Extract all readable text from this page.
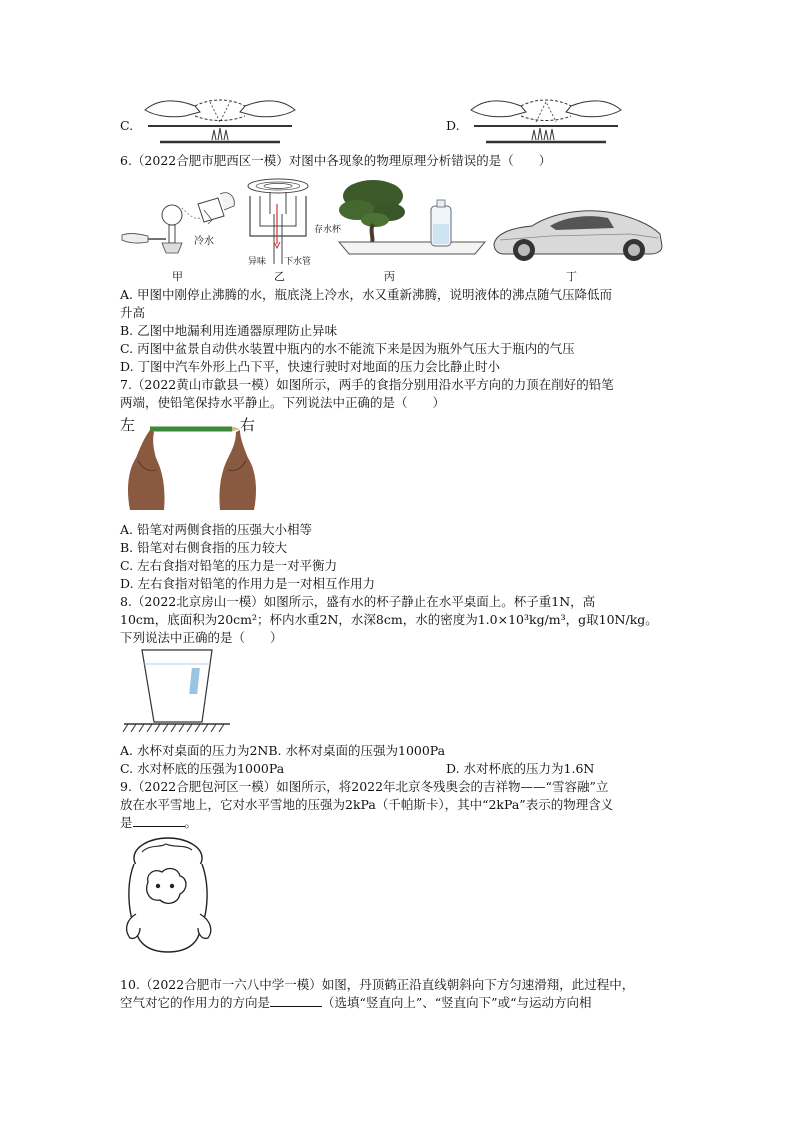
C.	D.
6.（2022合肥市肥西区一模）对图中各现象的物理原理分析错误的是（　　）
冷水
甲
存水杯
异味 下水管
乙	丙	丁
A. 甲图中刚停止沸腾的水，瓶底浇上冷水，水又重新沸腾，说明液体的沸点随气压降低而
升高
B. 乙图中地漏利用连通器原理防止异味
C. 丙图中盆景自动供水装置中瓶内的水不能流下来是因为瓶外气压大于瓶内的气压
D. 丁图中汽车外形上凸下平，快速行驶时对地面的压力会比静止时小
7.（2022黄山市歙县一模）如图所示，两手的食指分别用沿水平方向的力顶在削好的铅笔
两端，使铅笔保持水平静止。下列说法中正确的是（　　）
左	右
A. 铅笔对两侧食指的压强大小相等
B. 铅笔对右侧食指的压力较大
C. 左右食指对铅笔的压力是一对平衡力
D. 左右食指对铅笔的作用力是一对相互作用力
8.（2022北京房山一模）如图所示，盛有水的杯子静止在水平桌面上。杯子重1N，高
10cm，底面积为20cm²；杯内水重2N，水深8cm，水的密度为1.0×10³kg/m³，g取10N/kg。
下列说法中正确的是（　　）
A. 水杯对桌面的压力为2NB. 水杯对桌面的压强为1000Pa
C. 水对杯底的压强为1000Pa	D. 水对杯底的压力为1.6N
9.（2022合肥包河区一模）如图所示，将2022年北京冬残奥会的吉祥物——“雪容融”立
放在水平雪地上，它对水平雪地的压强为2kPa（千帕斯卡），其中“2kPa”表示的物理含义
是	。
10.（2022合肥市一六八中学一模）如图，丹顶鹤正沿直线朝斜向下方匀速滑翔，此过程中，
空气对它的作用力的方向是	（选填“竖直向上”、“竖直向下”或“与运动方向相
